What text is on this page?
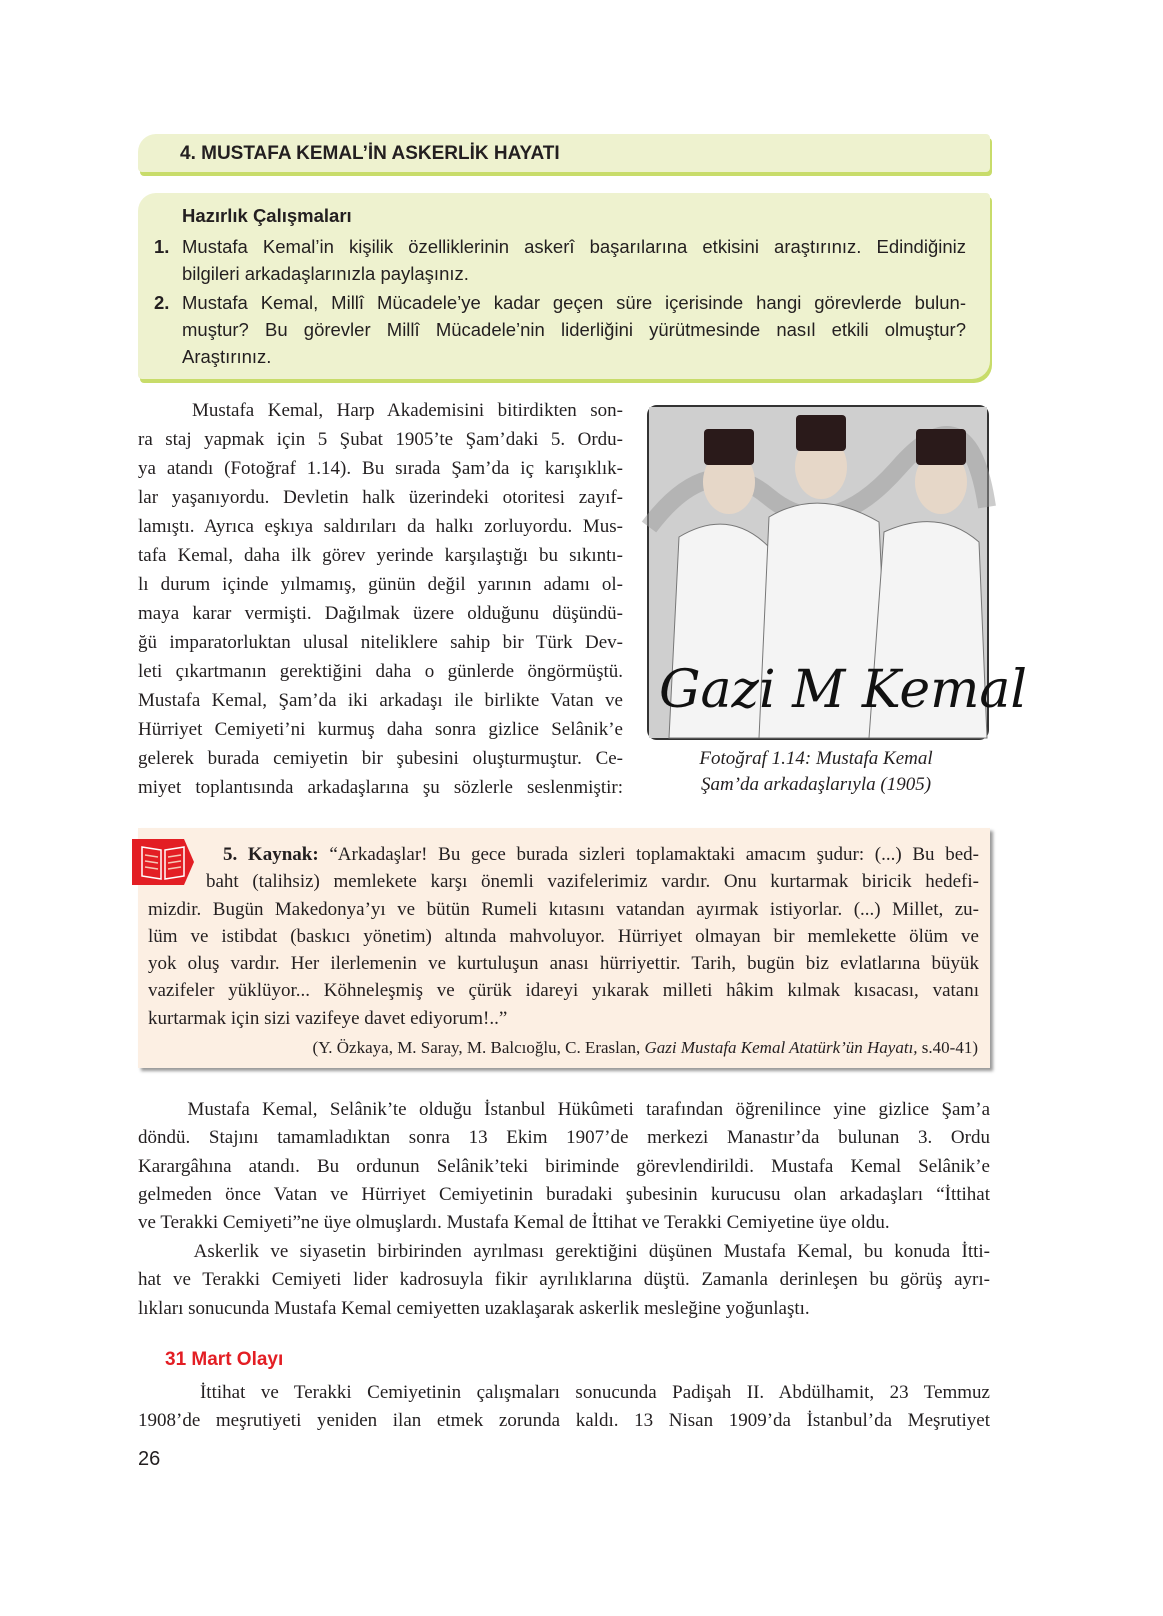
4. MUSTAFA KEMAL’İN ASKERLİK HAYATI
Hazırlık Çalışmaları
1. Mustafa Kemal’in kişilik özelliklerinin askerî başarılarına etkisini araştırınız. Edindiğiniz
bilgileri arkadaşlarınızla paylaşınız.
2. Mustafa Kemal, Millî Mücadele’ye kadar geçen süre içerisinde hangi görevlerde bulun-
muştur? Bu görevler Millî Mücadele’nin liderliğini yürütmesinde nasıl etkili olmuştur?
Araştırınız.
Mustafa Kemal, Harp Akademisini bitirdikten son-
ra staj yapmak için 5 Şubat 1905’te Şam’daki 5. Ordu-
ya atandı (Fotoğraf 1.14). Bu sırada Şam’da iç karışıklık-
lar yaşanıyordu. Devletin halk üzerindeki otoritesi zayıf-
lamıştı. Ayrıca eşkıya saldırıları da halkı zorluyordu. Mus-
tafa Kemal, daha ilk görev yerinde karşılaştığı bu sıkıntı-
lı durum içinde yılmamış, günün değil yarının adamı ol-
maya karar vermişti. Dağılmak üzere olduğunu düşündü-
ğü imparatorluktan ulusal niteliklere sahip bir Türk Dev-
leti çıkartmanın gerektiğini daha o günlerde öngörmüştü.
Mustafa Kemal, Şam’da iki arkadaşı ile birlikte Vatan ve
Hürriyet Cemiyeti’ni kurmuş daha sonra gizlice Selânik’e
gelerek burada cemiyetin bir şubesini oluşturmuştur. Ce-
miyet toplantısında arkadaşlarına şu sözlerle seslenmiştir:
Gazi M Kemal
Fotoğraf 1.14: Mustafa Kemal
Şam’da arkadaşlarıyla (1905)
5. Kaynak: “Arkadaşlar! Bu gece burada sizleri toplamaktaki amacım şudur: (...) Bu bed-
baht (talihsiz) memlekete karşı önemli vazifelerimiz vardır. Onu kurtarmak biricik hedefi-
mizdir. Bugün Makedonya’yı ve bütün Rumeli kıtasını vatandan ayırmak istiyorlar. (...) Millet, zu-
lüm ve istibdat (baskıcı yönetim) altında mahvoluyor. Hürriyet olmayan bir memlekette ölüm ve
yok oluş vardır. Her ilerlemenin ve kurtuluşun anası hürriyettir. Tarih, bugün biz evlatlarına büyük
vazifeler yüklüyor... Köhneleşmiş ve çürük idareyi yıkarak milleti hâkim kılmak kısacası, vatanı
kurtarmak için sizi vazifeye davet ediyorum!..”
(Y. Özkaya, M. Saray, M. Balcıoğlu, C. Eraslan, Gazi Mustafa Kemal Atatürk’ün Hayatı, s.40-41)
Mustafa Kemal, Selânik’te olduğu İstanbul Hükûmeti tarafından öğrenilince yine gizlice Şam’a
döndü. Stajını tamamladıktan sonra 13 Ekim 1907’de merkezi Manastır’da bulunan 3. Ordu
Karargâhına atandı. Bu ordunun Selânik’teki biriminde görevlendirildi. Mustafa Kemal Selânik’e
gelmeden önce Vatan ve Hürriyet Cemiyetinin buradaki şubesinin kurucusu olan arkadaşları “İttihat
ve Terakki Cemiyeti”ne üye olmuşlardı. Mustafa Kemal de İttihat ve Terakki Cemiyetine üye oldu.
Askerlik ve siyasetin birbirinden ayrılması gerektiğini düşünen Mustafa Kemal, bu konuda İtti-
hat ve Terakki Cemiyeti lider kadrosuyla fikir ayrılıklarına düştü. Zamanla derinleşen bu görüş ayrı-
lıkları sonucunda Mustafa Kemal cemiyetten uzaklaşarak askerlik mesleğine yoğunlaştı.
31 Mart Olayı
İttihat ve Terakki Cemiyetinin çalışmaları sonucunda Padişah II. Abdülhamit, 23 Temmuz
1908’de meşrutiyeti yeniden ilan etmek zorunda kaldı. 13 Nisan 1909’da İstanbul’da Meşrutiyet
26
